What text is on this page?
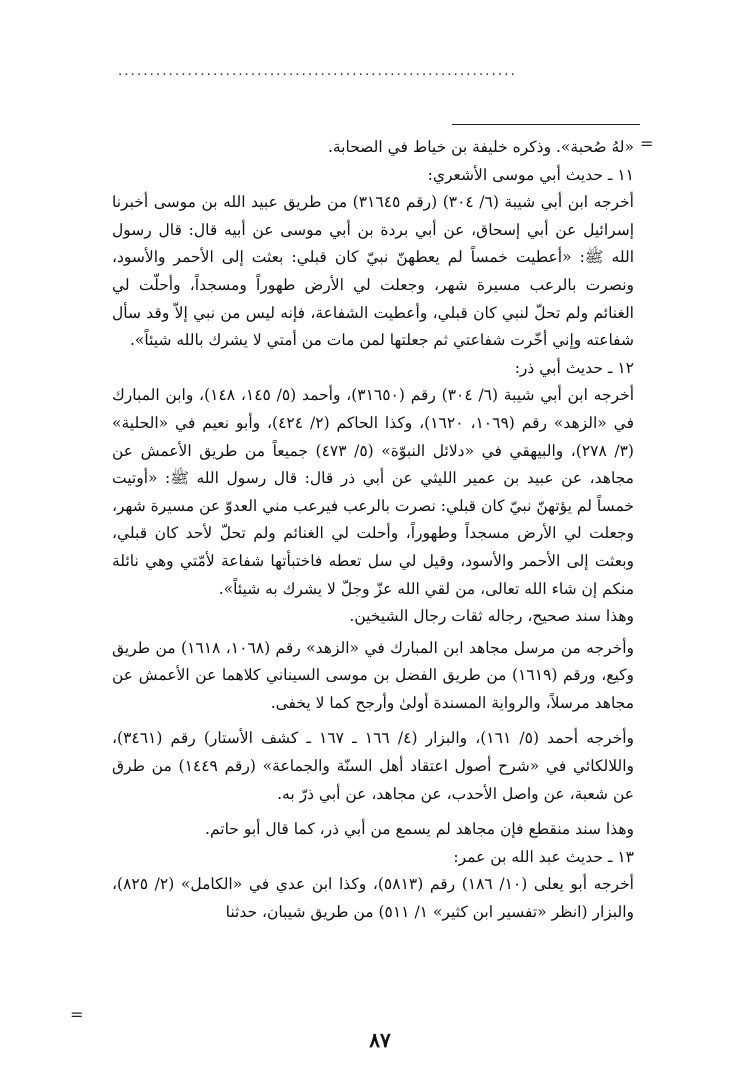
...............................................................
=

«لهُ صُحبة». وذكره خليفة بن خياط في الصحابة.

١١ ـ حديث أبي موسى الأشعري:

أخرجه ابن أبي شيبة (٦/ ٣٠٤) (رقم ٣١٦٤٥) من طريق عبيد الله بن موسى أخبرنا إسرائيل عن أبي إسحاق، عن أبي بردة بن أبي موسى عن أبيه قال: قال رسول الله ﷺ: «أعطيت خمساً لم يعطهنّ نبيّ كان قبلي: بعثت إلى الأحمر والأسود، ونصرت بالرعب مسيرة شهر، وجعلت لي الأرض طهوراً ومسجداً، وأحلّت لي الغنائم ولم تحلّ لنبي كان قبلي، وأعطيت الشفاعة، فإنه ليس من نبي إلاّ وقد سأل شفاعته وإني أخّرت شفاعتي ثم جعلتها لمن مات من أمتي لا يشرك بالله شيئاً».

١٢ ـ حديث أبي ذر:

أخرجه ابن أبي شيبة (٦/ ٣٠٤) رقم (٣١٦٥٠)، وأحمد (٥/ ١٤٥، ١٤٨)، وابن المبارك في «الزهد» رقم (١٠٦٩، ١٦٢٠)، وكذا الحاكم (٢/ ٤٢٤)، وأبو نعيم في «الحلية» (٣/ ٢٧٨)، والبيهقي في «دلائل النبوّة» (٥/ ٤٧٣) جميعاً من طريق الأعمش عن مجاهد، عن عبيد بن عمير الليثي عن أبي ذر قال: قال رسول الله ﷺ: «أوتيت خمساً لم يؤتهنّ نبيّ كان قبلي: نصرت بالرعب فيرعب مني العدوّ عن مسيرة شهر، وجعلت لي الأرض مسجداً وطهوراً، وأحلت لي الغنائم ولم تحلّ لأحد كان قبلي، وبعثت إلى الأحمر والأسود، وقيل لي سل تعطه فاختبأتها شفاعة لأمّتي وهي نائلة منكم إن شاء الله تعالى، من لقي الله عزّ وجلّ لا يشرك به شيئاً».

وهذا سند صحيح، رجاله ثقات رجال الشيخين.

وأخرجه من مرسل مجاهد ابن المبارك في «الزهد» رقم (١٠٦٨، ١٦١٨) من طريق وكيع، ورقم (١٦١٩) من طريق الفضل بن موسى السيناني كلاهما عن الأعمش عن مجاهد مرسلاً، والرواية المسندة أولىٰ وأرجح كما لا يخفى.

وأخرجه أحمد (٥/ ١٦١)، والبزار (٤/ ١٦٦ ـ ١٦٧ ـ كشف الأستار) رقم (٣٤٦١)، واللالكائي في «شرح أصول اعتقاد أهل السنّة والجماعة» (رقم ١٤٤٩) من طرق عن شعبة، عن واصل الأحدب، عن مجاهد، عن أبي ذرّ به.

وهذا سند منقطع فإن مجاهد لم يسمع من أبي ذر، كما قال أبو حاتم.

١٣ ـ حديث عبد الله بن عمر:

أخرجه أبو يعلى (١٠/ ١٨٦) رقم (٥٨١٣)، وكذا ابن عدي في «الكامل» (٢/ ٨٢٥)، والبزار (انظر «تفسير ابن كثير» ١/ ٥١١) من طريق شيبان، حدثنا

=
٨٧
